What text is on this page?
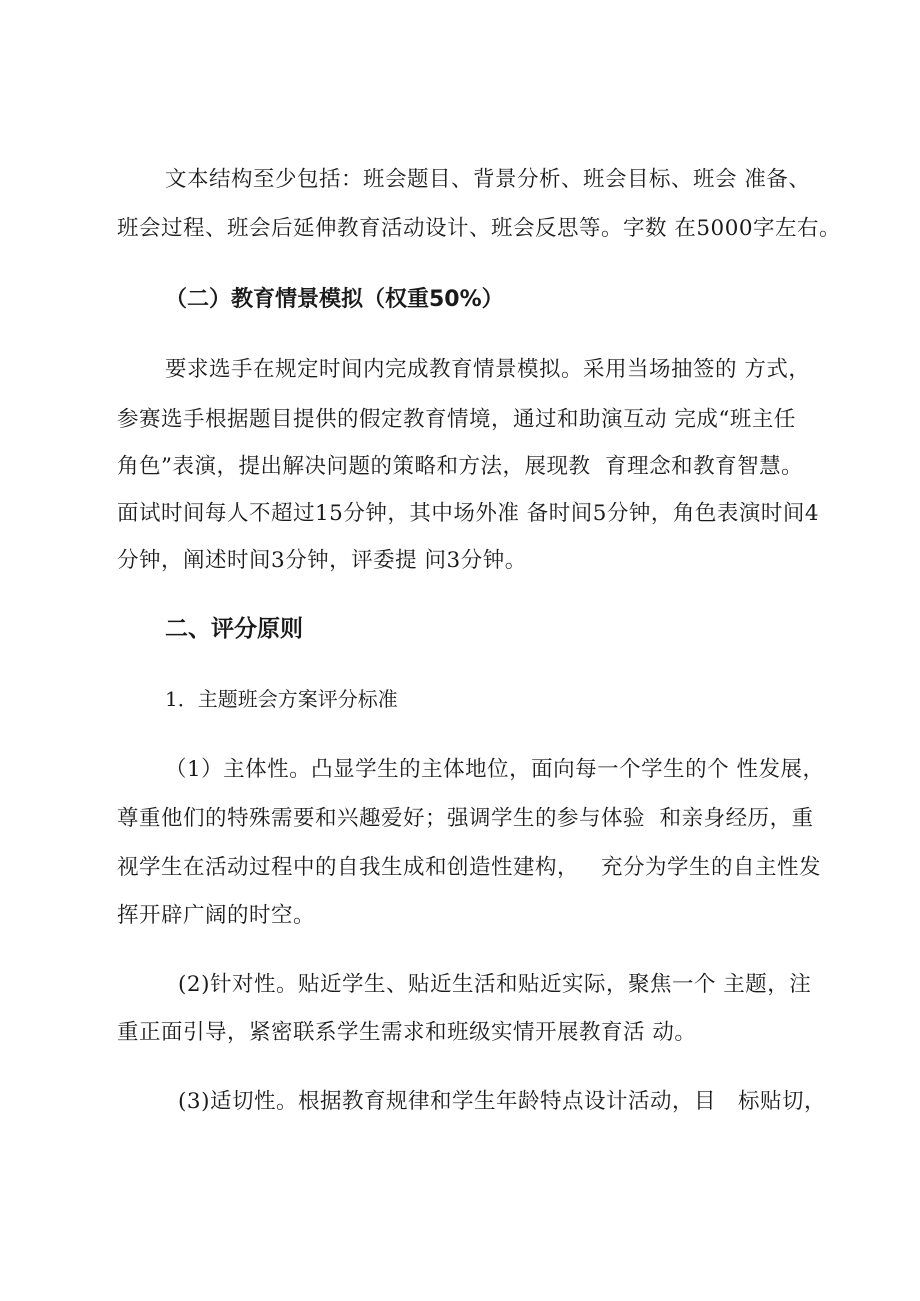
文本结构至少包括：班会题目、背景分析、班会目标、班会 准备、
班会过程、班会后延伸教育活动设计、班会反思等。字数 在5000字左右。
（二）教育情景模拟（权重50%）
要求选手在规定时间内完成教育情景模拟。采用当场抽签的 方式，
参赛选手根据题目提供的假定教育情境，通过和助演互动 完成“班主任
角色”表演，提出解决问题的策略和方法，展现教  育理念和教育智慧。
面试时间每人不超过15分钟，其中场外准 备时间5分钟，角色表演时间4
分钟，阐述时间3分钟，评委提 问3分钟。
二、评分原则
1．主题班会方案评分标准
（1）主体性。凸显学生的主体地位，面向每一个学生的个 性发展，
尊重他们的特殊需要和兴趣爱好；强调学生的参与体验  和亲身经历，重
视学生在活动过程中的自我生成和创造性建构，   充分为学生的自主性发
挥开辟广阔的时空。
(2)针对性。贴近学生、贴近生活和贴近实际，聚焦一个 主题，注
重正面引导，紧密联系学生需求和班级实情开展教育活 动。
(3)适切性。根据教育规律和学生年龄特点设计活动，目   标贴切，
